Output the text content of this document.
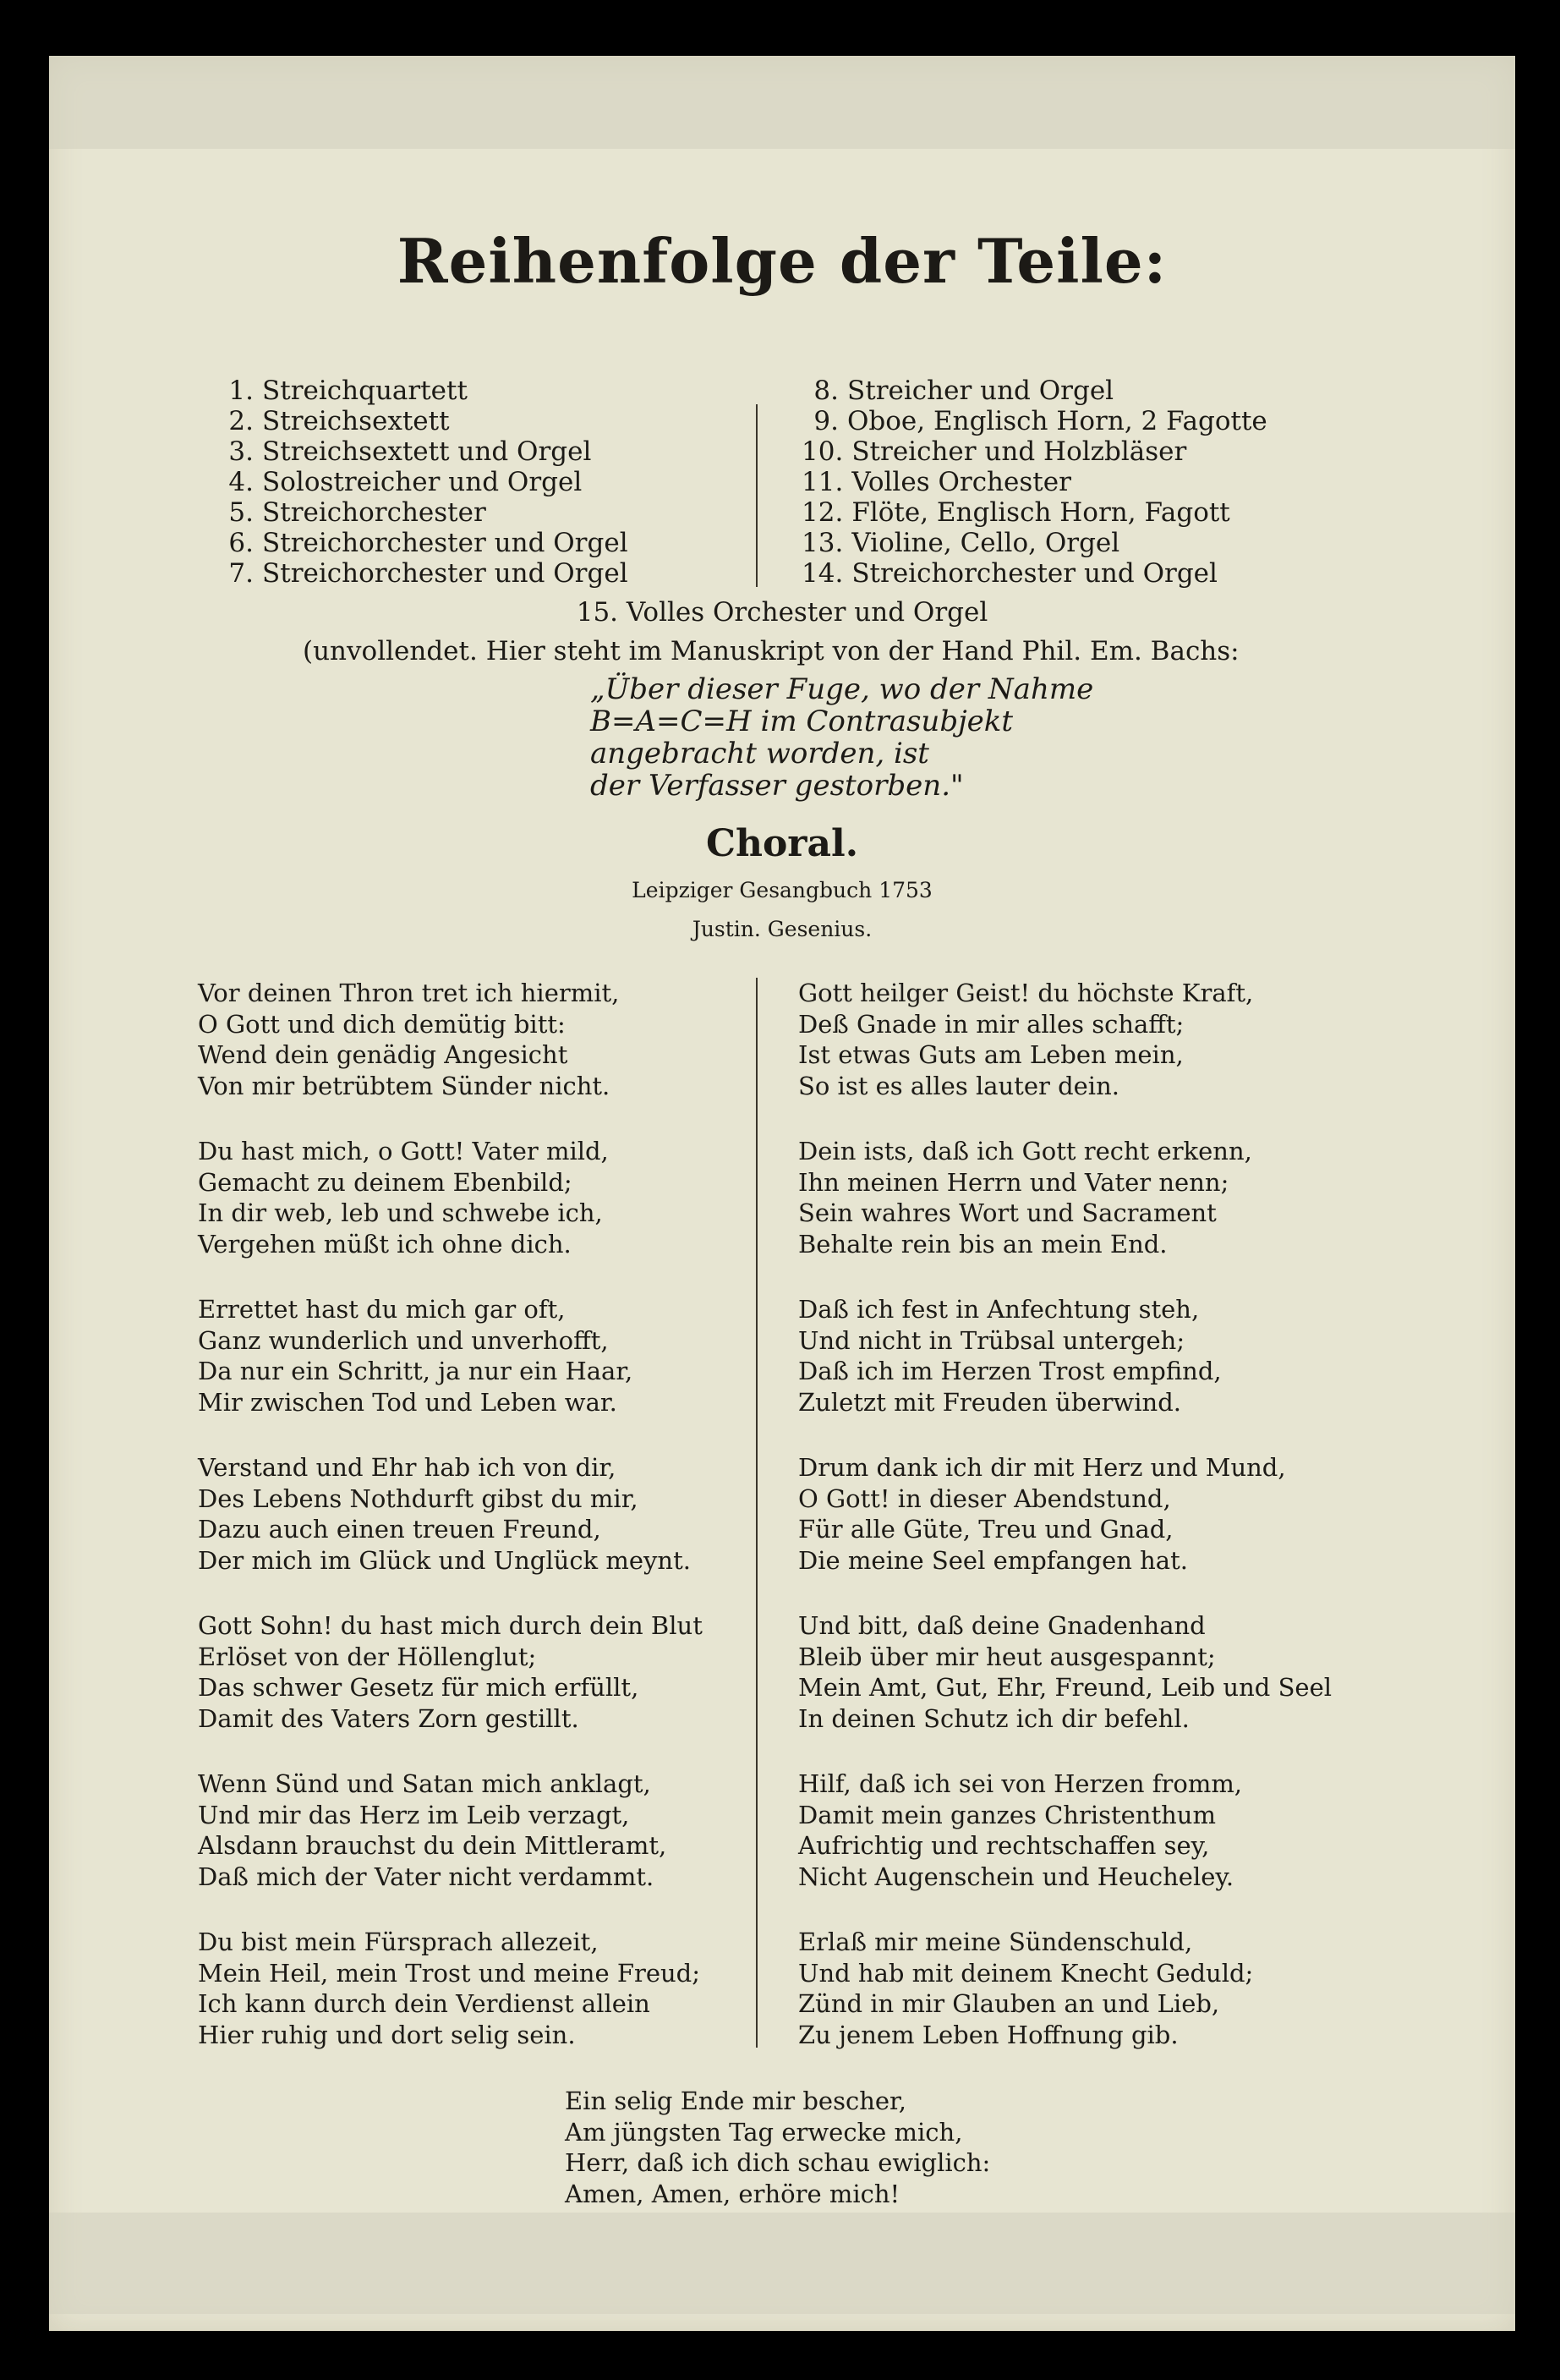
Reihenfolge der Teile:
1. Streichquartett
2. Streichsextett
3. Streichsextett und Orgel
4. Solostreicher und Orgel
5. Streichorchester
6. Streichorchester und Orgel
7. Streichorchester und Orgel
8. Streicher und Orgel
9. Oboe, Englisch Horn, 2 Fagotte
10. Streicher und Holzbläser
11. Volles Orchester
12. Flöte, Englisch Horn, Fagott
13. Violine, Cello, Orgel
14. Streichorchester und Orgel
15. Volles Orchester und Orgel
(unvollendet. Hier steht im Manuskript von der Hand Phil. Em. Bachs:
„Über dieser Fuge, wo der Nahme
B=A=C=H im Contrasubjekt
angebracht worden, ist
der Verfasser gestorben."
Choral.
Leipziger Gesangbuch 1753
Justin. Gesenius.
Vor deinen Thron tret ich hiermit,
O Gott und dich demütig bitt:
Wend dein genädig Angesicht
Von mir betrübtem Sünder nicht.
Du hast mich, o Gott! Vater mild,
Gemacht zu deinem Ebenbild;
In dir web, leb und schwebe ich,
Vergehen müßt ich ohne dich.
Errettet hast du mich gar oft,
Ganz wunderlich und unverhofft,
Da nur ein Schritt, ja nur ein Haar,
Mir zwischen Tod und Leben war.
Verstand und Ehr hab ich von dir,
Des Lebens Nothdurft gibst du mir,
Dazu auch einen treuen Freund,
Der mich im Glück und Unglück meynt.
Gott Sohn! du hast mich durch dein Blut
Erlöset von der Höllenglut;
Das schwer Gesetz für mich erfüllt,
Damit des Vaters Zorn gestillt.
Wenn Sünd und Satan mich anklagt,
Und mir das Herz im Leib verzagt,
Alsdann brauchst du dein Mittleramt,
Daß mich der Vater nicht verdammt.
Du bist mein Fürsprach allezeit,
Mein Heil, mein Trost und meine Freud;
Ich kann durch dein Verdienst allein
Hier ruhig und dort selig sein.
Gott heilger Geist! du höchste Kraft,
Deß Gnade in mir alles schafft;
Ist etwas Guts am Leben mein,
So ist es alles lauter dein.
Dein ists, daß ich Gott recht erkenn,
Ihn meinen Herrn und Vater nenn;
Sein wahres Wort und Sacrament
Behalte rein bis an mein End.
Daß ich fest in Anfechtung steh,
Und nicht in Trübsal untergeh;
Daß ich im Herzen Trost empfind,
Zuletzt mit Freuden überwind.
Drum dank ich dir mit Herz und Mund,
O Gott! in dieser Abendstund,
Für alle Güte, Treu und Gnad,
Die meine Seel empfangen hat.
Und bitt, daß deine Gnadenhand
Bleib über mir heut ausgespannt;
Mein Amt, Gut, Ehr, Freund, Leib und Seel
In deinen Schutz ich dir befehl.
Hilf, daß ich sei von Herzen fromm,
Damit mein ganzes Christenthum
Aufrichtig und rechtschaffen sey,
Nicht Augenschein und Heucheley.
Erlaß mir meine Sündenschuld,
Und hab mit deinem Knecht Geduld;
Zünd in mir Glauben an und Lieb,
Zu jenem Leben Hoffnung gib.
Ein selig Ende mir bescher,
Am jüngsten Tag erwecke mich,
Herr, daß ich dich schau ewiglich:
Amen, Amen, erhöre mich!
